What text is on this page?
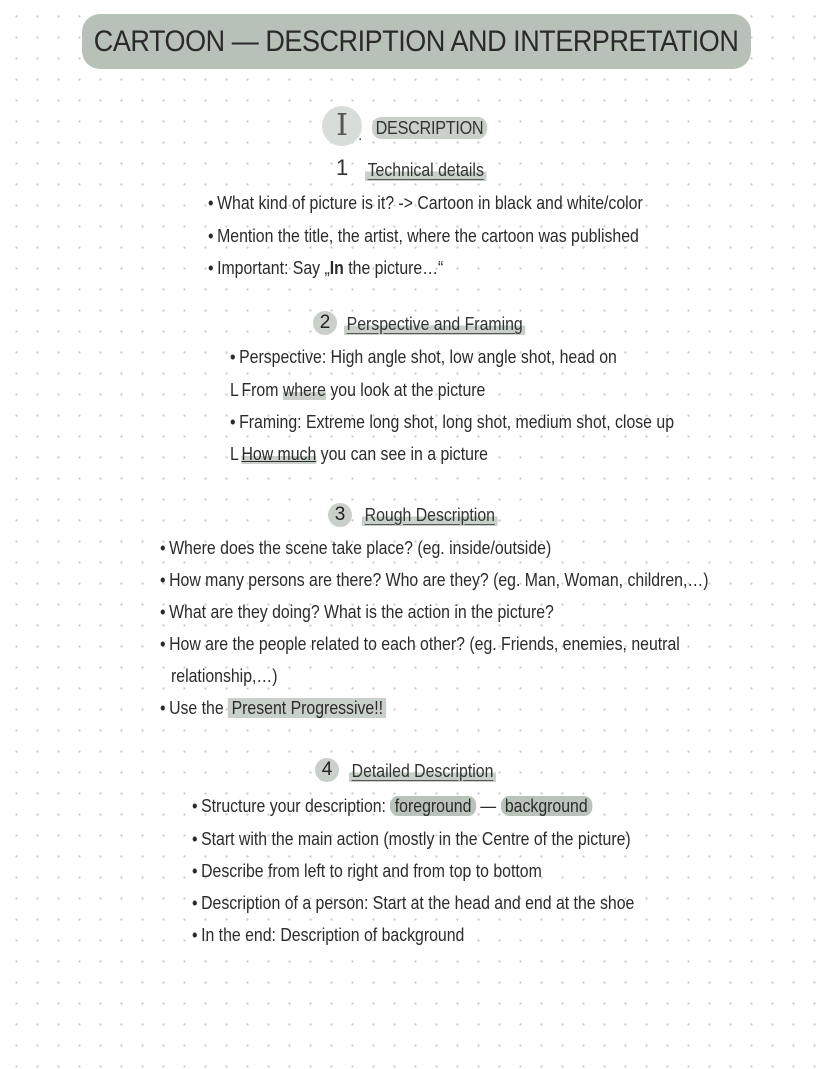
CARTOON — DESCRIPTION AND INTERPRETATION
I . DESCRIPTION
1 Technical details
• What kind of picture is it? -> Cartoon in black and white/color
• Mention the title, the artist, where the cartoon was published
• Important: Say „In the picture…“
2 Perspective and Framing
• Perspective: High angle shot, low angle shot, head on
L From where you look at the picture
• Framing: Extreme long shot, long shot, medium shot, close up
L How much you can see in a picture
3	Rough Description
• Where does the scene take place? (eg. inside/outside)
• How many persons are there? Who are they? (eg. Man, Woman, children,…)
• What are they doing? What is the action in the picture?
• How are the people related to each other? (eg. Friends, enemies, neutral
relationship,…)
• Use the Present Progressive!!
4	Detailed Description
• Structure your description: foreground — background
• Start with the main action (mostly in the Centre of the picture)
• Describe from left to right and from top to bottom
• Description of a person: Start at the head and end at the shoe
• In the end: Description of background
